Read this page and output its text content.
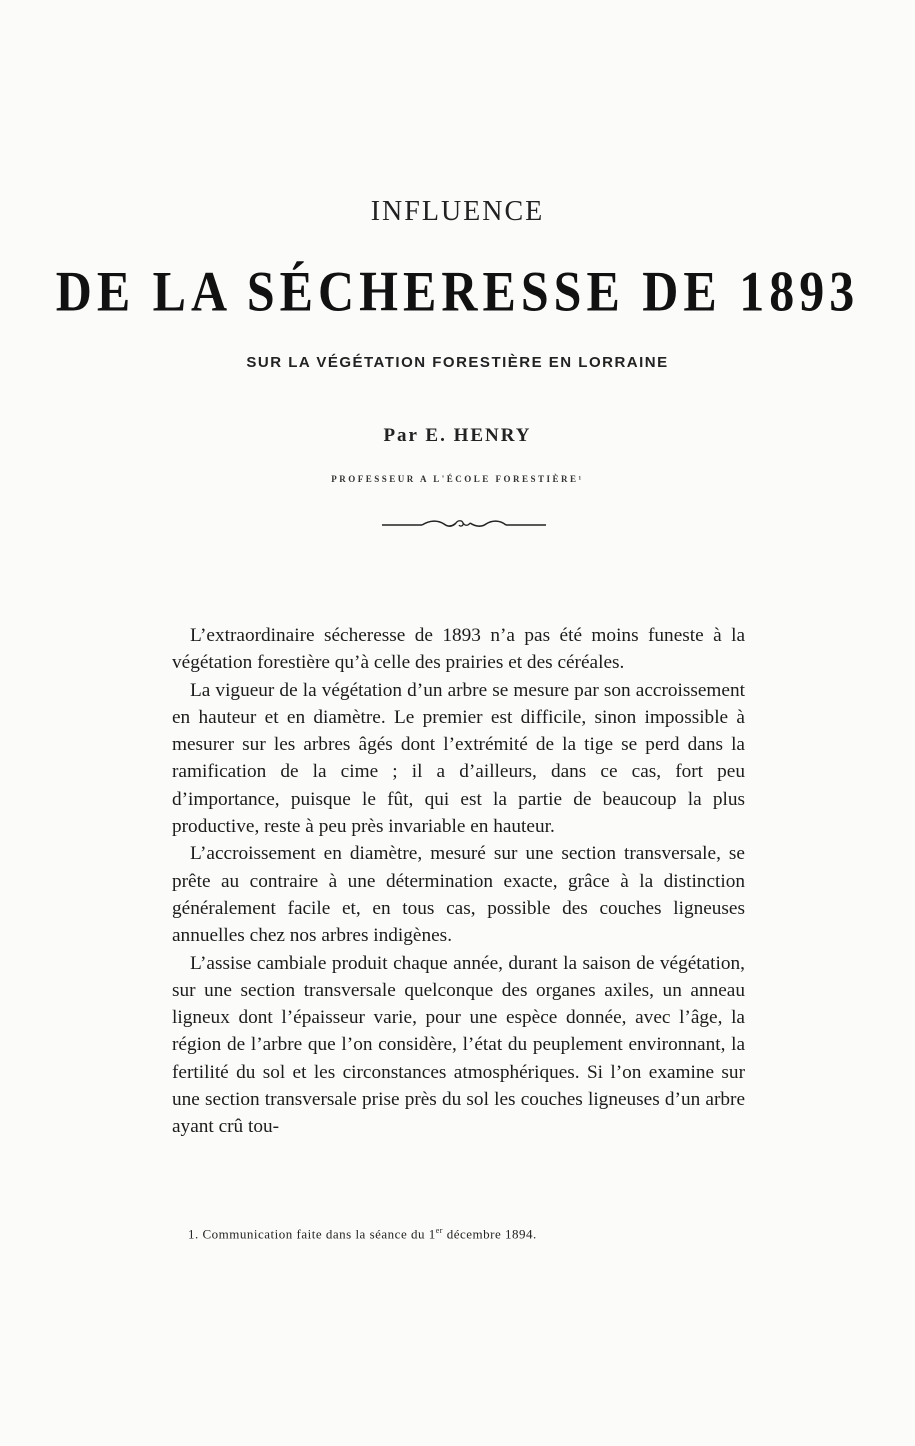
INFLUENCE
DE LA SÉCHERESSE DE 1893
SUR LA VÉGÉTATION FORESTIÈRE EN LORRAINE
Par E. HENRY
PROFESSEUR A L'ÉCOLE FORESTIÈRE¹

L’extraordinaire sécheresse de 1893 n’a pas été moins funeste à la végétation forestière qu’à celle des prairies et des céréales.

La vigueur de la végétation d’un arbre se mesure par son accroissement en hauteur et en diamètre. Le premier est difficile, sinon impossible à mesurer sur les arbres âgés dont l’extrémité de la tige se perd dans la ramification de la cime ; il a d’ailleurs, dans ce cas, fort peu d’importance, puisque le fût, qui est la partie de beaucoup la plus productive, reste à peu près invariable en hauteur.

L’accroissement en diamètre, mesuré sur une section transversale, se prête au contraire à une détermination exacte, grâce à la distinction généralement facile et, en tous cas, possible des couches ligneuses annuelles chez nos arbres indigènes.

L’assise cambiale produit chaque année, durant la saison de végétation, sur une section transversale quelconque des organes axiles, un anneau ligneux dont l’épaisseur varie, pour une espèce donnée, avec l’âge, la région de l’arbre que l’on considère, l’état du peuplement environnant, la fertilité du sol et les circonstances atmosphériques. Si l’on examine sur une section transversale prise près du sol les couches ligneuses d’un arbre ayant crû tou-

1. Communication faite dans la séance du 1er décembre 1894.
